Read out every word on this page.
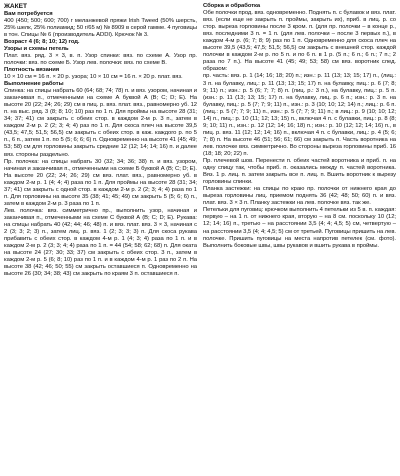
ЖАКЕТ

Вам потребуется

400 (450; 500; 600; 700) г меланжевой пряжи Irish Tweed (50% шерсть, 25% шелк, 25% полиамид; 50 г/65 м) № 8909 в серой гамме. 4 пуговицы в тон. Спицы № 6 (производитель ADDI). Крючок № 3.

Возраст 4 (6; 8; 10; 12) год.

Узоры и схемы петель

Плат. вяз. ряд. 3 × 3, в. п. Узор спинки: вяз. по схеме А. Узор пр. полочки: вяз. по схеме Б. Узор лев. полочки: вяз. по схеме В.

Плотность вязания

10 × 10 см = 16 п. × 20 р. узора; 10 × 10 см = 16 п. × 20 р. плат. вяз.

Выполнение работы

Спинка: на спицы набрать 60 (64; 68; 74; 78) п. и вяз. узором, начиная и заканчивая п., отмеченными на схеме А буквой А (B; C; D; E). На высоте 20 (22; 24; 26; 29) см в пиц. р. вяз. плат. вяз., равномерно уб. 12 п. на выс. ряд. 3 (8; 8; 10; 10) раз по 1 п. Для проймы на высоте 28 (31; 34; 37; 41) см закрыть с обеих стор. в каждом 2-м р. 3 п., затем в каждом 2-м р. 2 (2; 3; 4; 4) раз по 1 п. Для скоса плеч на высоте 39,5 (43,5; 47,5; 51,5; 56,5) см закрыть с обеих стор. в каж. каждого р. по 5 п., 6 п., затем 1 п. по 5 (5; 6; 6; 6) п. Одновременно на высоте 41 (45; 49; 53; 58) см для горловины закрыть средние 12 (12; 14; 14; 16) п. и далее вяз. стороны раздельно.

Пр. полочка: на спицы набрать 30 (32; 34; 36; 38) п. и вяз. узором, начиная и заканчивая п., отмеченными на схеме Б буквой А (B; C; D; E). На высоте 20 (22; 24; 26; 29) см вяз. плат. вяз., равномерно уб. в каждом 2-м р. 1 (4; 4; 4) раза по 1 п. Для проймы на высоте 28 (31; 34; 37; 41) см закрыть с одной стор. в каждом 2-м р. 2 (2; 3; 4; 4) раза по 1 п. Для горловины на высоте 35 (38; 41; 45; 49) см закрыть 5 (5; 6; 6) п., затем в каждом 2-м р. 3 раза по 1 п.

Лев. полочка: вяз. симметрично пр., выполнить узор, начиная и заканчивая п., отмеченными на схеме С буквой А (B; C; D; E). Рукава: на спицы набрать 40 (42; 44; 46; 48) п. и вяз. плат. вяз. 3 × 3, начиная с 2 (3; 3; 2; 3) п., затем лиц. р. вяз. 1 (2; 3; 3; 3) п. Для скоса рукава прибавить с обеих стор. в каждом 4-м р. 1 (4; 3; 4) раза по 1 п. и в каждом 2-м р. 2 (3; 3; 4; 4) раза по 1 п. = 44 (54; 58; 62; 68) п. Для оката на высоте 24 (27; 30; 33; 37) см закрыть с обеих стор. 3 п., затем в каждом 2-м р. 5 (6; 8; 10) раз по 1 п. и в каждом 4-м р. 1 раз по 2 п. На высоте 38 (42; 46; 50; 55) см закрыть оставшиеся п. Одновременно на высоте 26 (30; 34; 38; 43) см закрыть по краям 3 п. оставшиеся п.

Сборка и обработка

Обе полочки прод. вяз. одновременно. Поднять п. с булавок и вяз. плат. вяз. (если еще не закрыть п. проймы, закрыть их), приб. в лиц. р. со стор. выреза горловины после 3 кром. п. (для пр. полочки – в конце р., вяз. последними 3 п. = 1 п. (для лев. полочки – после 3 первых п.), в каждом 4-м р. (6; 7; 8; 9) раз по 1 п. Одновременно для скоса плеч на высоте 39,5 (43,5; 47,5; 51,5; 56,5) см закрыть с внешней стор. каждой полочки в каждом 2-м р. по 5 п. и по 6 п. в 1 р. (5 п.; 6 п.; 6 п.; 7 п.; 2 раза по 7 п.). На высоте 41 (45; 49; 53; 58) см вяз. воротник след. образом:

пр. часть: вяз. р. 1 (14; 16; 18; 20) п.; изн.: р. 11 (13; 13; 15; 17) п., (лиц.: 3 п. на булавку, лиц.: р. 11 (13; 13; 15; 17) п. на булавку, пиц.: р. 6 (7; 8; 9; 11) п.; изн.: р. 5 (6; 7; 7; 8) п. (лиц. р.: 3 п.), на булавку, пиц.: р. 5 п. (изн.: р. 11 (13; 13; 15; 17) п. на булавку, лиц. р. 6 п.; изн.: р. 3 п. на булавку, пиц.: р. 5 (7; 7; 9; 11) п., изн.: р. 3 (10; 10; 12; 14) п.; лиц.: р. 6 п. (лиц.: р. 5 (7; 7; 9; 11) п., изн.: р. 5 (7; 7; 9; 11) п.; в лиц.: р. 9 (10; 10; 12; 14) п., пиц.: р. 10 (11; 12; 13; 15) п., включая 4 п. с булавки, пиц.: р. 8 (8; 9; 10; 11) п., изн.: р. 12 (12; 14; 16; 18) п.; изн.: р. 10 (12; 12; 14; 16) п., в пиц. р. вяз. 11 (12; 12; 14; 16) п., включая 4 п. с булавки, лиц.: р. 4 (5; 6; 7; 8) п. На высоте 46 (51; 56; 61; 66) см закрыть п. Часть воротника на лев. полочке вяз. симметрично. Во стороны выреза горловины приб. 16 (18; 18; 20; 22) п.

Пр. плечевой шов. Перенести п. обеих частей воротника и приб. п. на одну спицу так, чтобы приб. п. оказались между п. частей воротника. Вяз. 1 р. лиц. п. затем закрыть все п. лиц. п. Вшить воротник к вырезу горловины спинки.

Планка застежки: на спицы по краю пр. полочки от нижнего края до выреза горловины лиц. приемом поднять 36 (42; 48; 50; 60) п. и вяз. плат. вяз. 3 × 3 п. Планку застежки на лев. полочке вяз. так же.

Петельки для пуговиц: крючком выполнить 4 петельки из 5 в. п. каждая: первую – на 1 п. от нижнего края, вторую – на 8 см. поскольку 10 (12; 12; 14; 16) п., третью – на расстоянии 3,5 (4; 4; 4,5; 5) см, четвертую – на расстоянии 3,5 (4; 4; 4,5; 5) см от третьей. Пуговицы пришить на лев. полочке. Пришить пуговицы на места напротив петелек (см. фото). Выполнить боковые швы, швы рукавов и вшить рукава в проймы.
